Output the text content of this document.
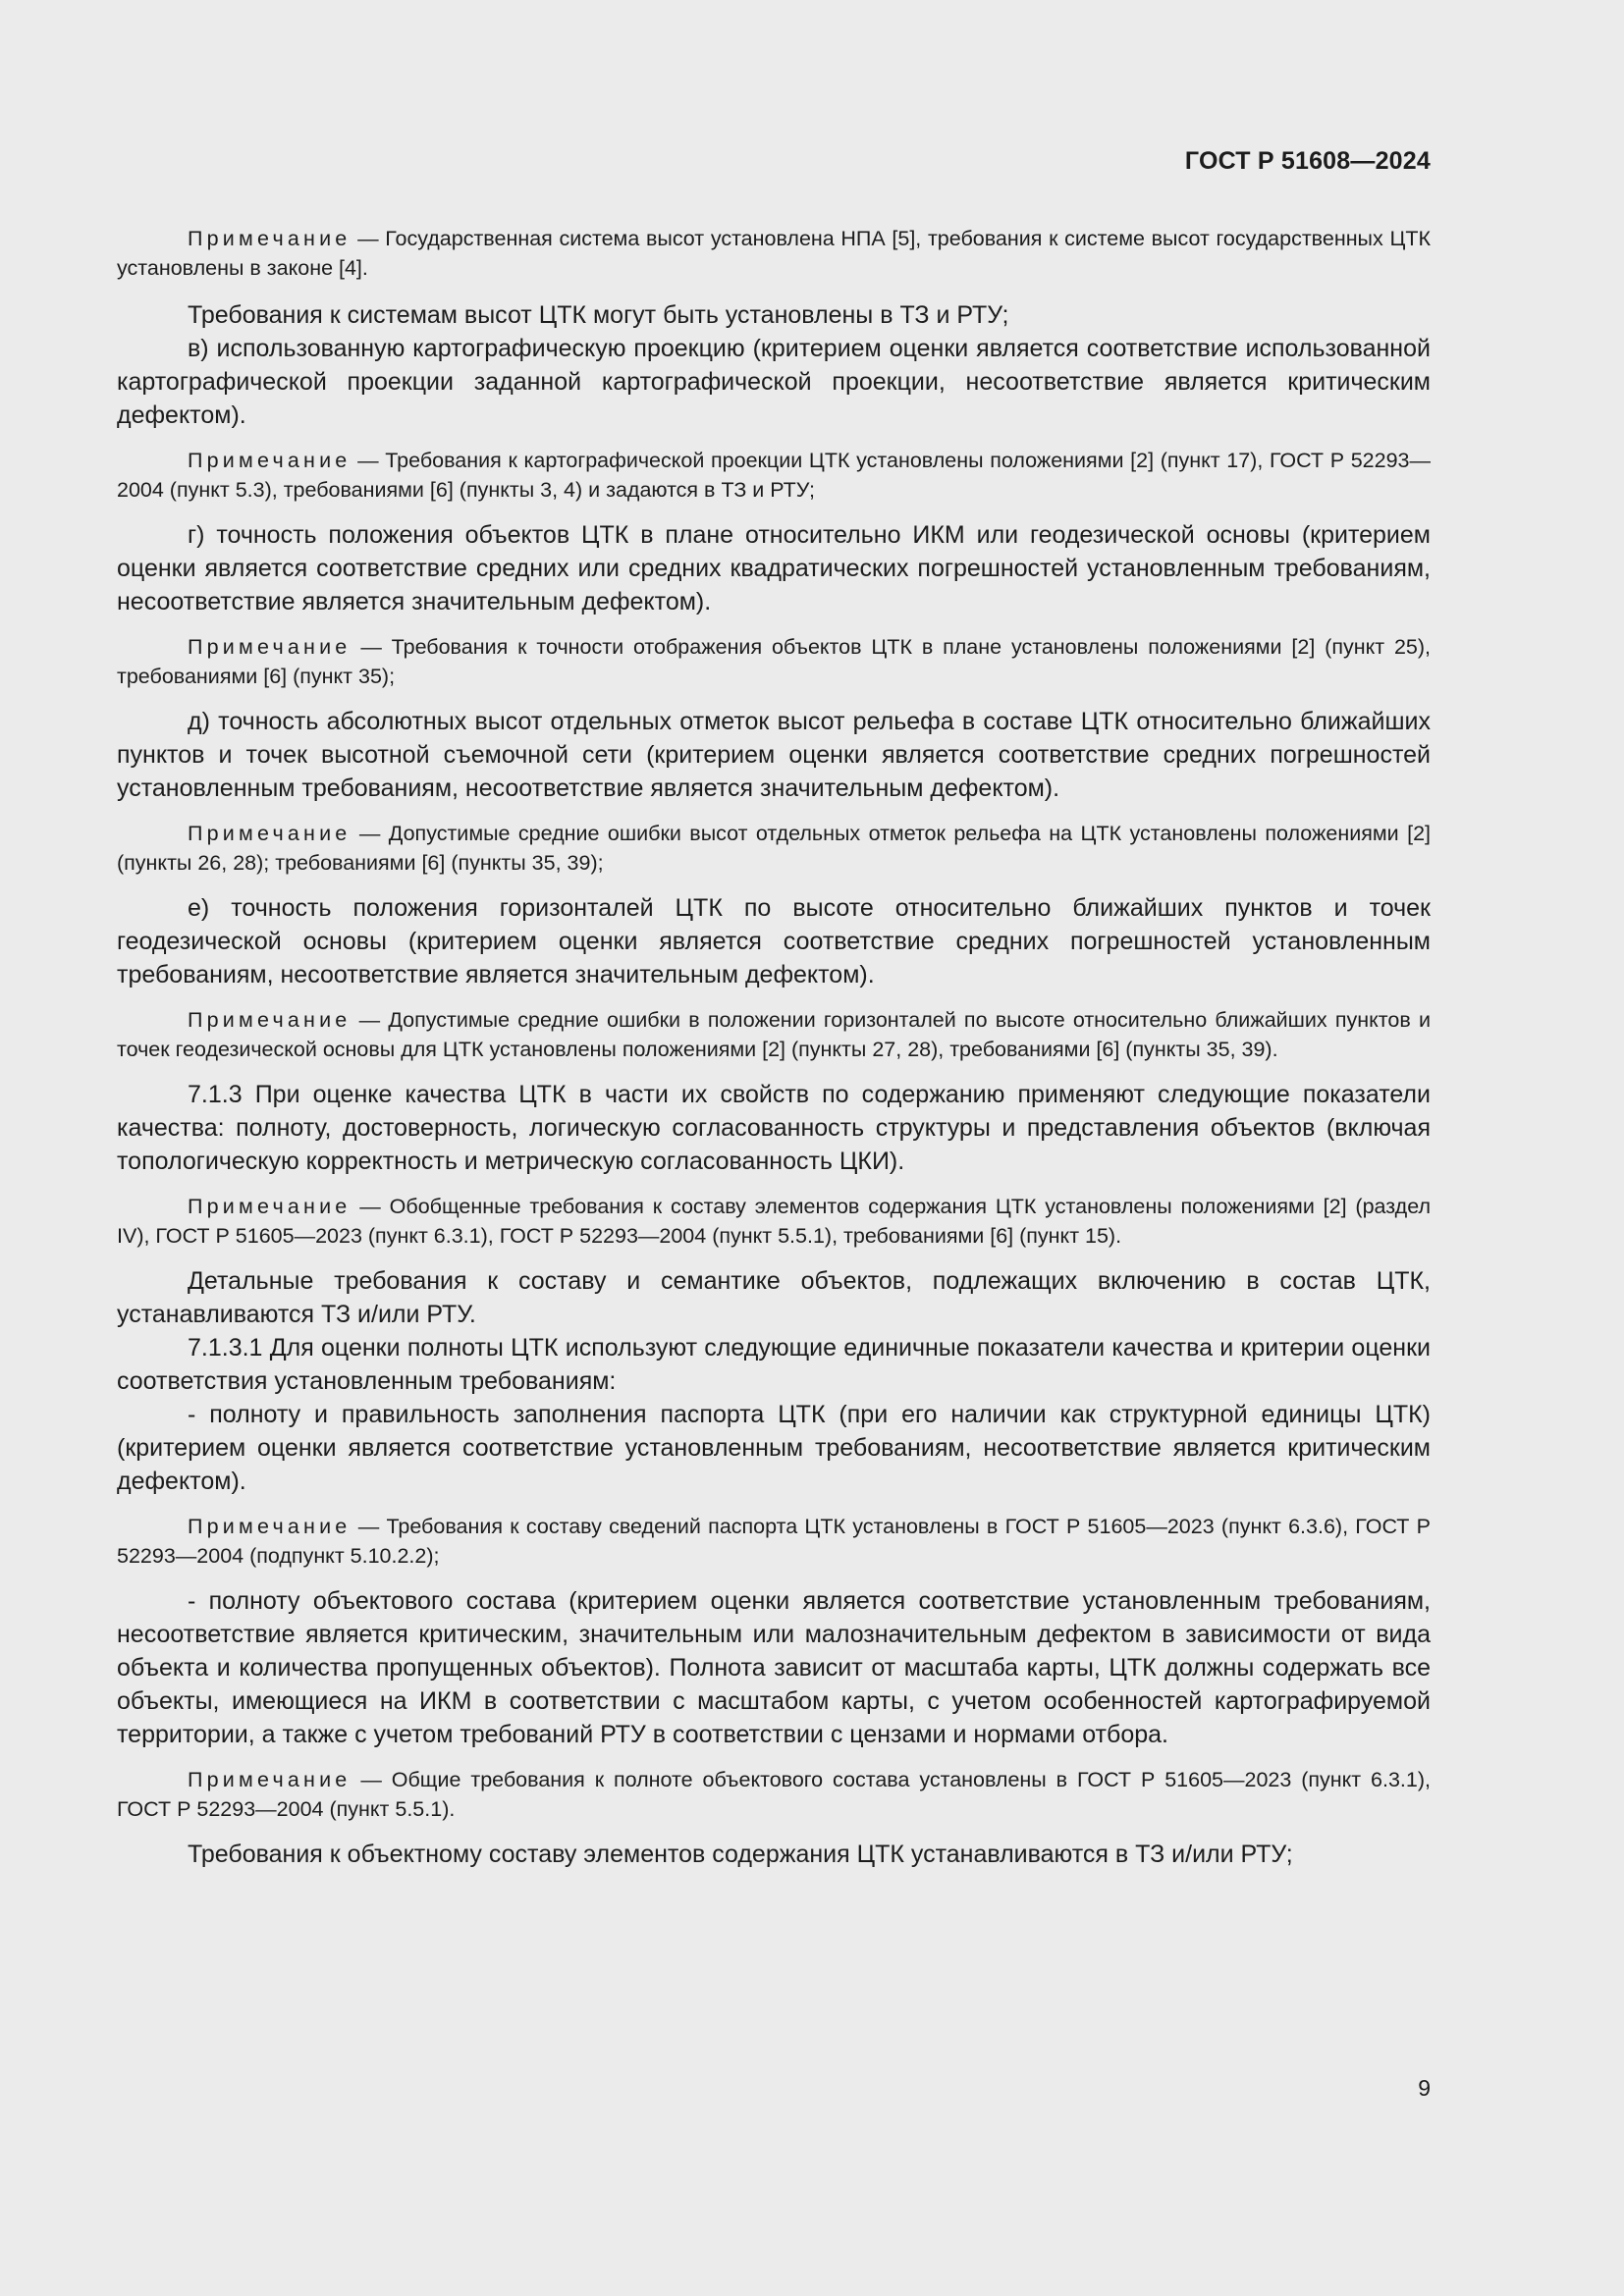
ГОСТ Р 51608—2024

Примечание — Государственная система высот установлена НПА [5], требования к системе высот государственных ЦТК установлены в законе [4].

Требования к системам высот ЦТК могут быть установлены в ТЗ и РТУ;

в) использованную картографическую проекцию (критерием оценки является соответствие использованной картографической проекции заданной картографической проекции, несоответствие является критическим дефектом).

Примечание — Требования к картографической проекции ЦТК установлены положениями [2] (пункт 17), ГОСТ Р 52293—2004 (пункт 5.3), требованиями [6] (пункты 3, 4) и задаются в ТЗ и РТУ;

г) точность положения объектов ЦТК в плане относительно ИКМ или геодезической основы (критерием оценки является соответствие средних или средних квадратических погрешностей установленным требованиям, несоответствие является значительным дефектом).

Примечание — Требования к точности отображения объектов ЦТК в плане установлены положениями [2] (пункт 25), требованиями [6] (пункт 35);

д) точность абсолютных высот отдельных отметок высот рельефа в составе ЦТК относительно ближайших пунктов и точек высотной съемочной сети (критерием оценки является соответствие средних погрешностей установленным требованиям, несоответствие является значительным дефектом).

Примечание — Допустимые средние ошибки высот отдельных отметок рельефа на ЦТК установлены положениями [2] (пункты 26, 28); требованиями [6] (пункты 35, 39);

е) точность положения горизонталей ЦТК по высоте относительно ближайших пунктов и точек геодезической основы (критерием оценки является соответствие средних погрешностей установленным требованиям, несоответствие является значительным дефектом).

Примечание — Допустимые средние ошибки в положении горизонталей по высоте относительно ближайших пунктов и точек геодезической основы для ЦТК установлены положениями [2] (пункты 27, 28), требованиями [6] (пункты 35, 39).

7.1.3 При оценке качества ЦТК в части их свойств по содержанию применяют следующие показатели качества: полноту, достоверность, логическую согласованность структуры и представления объектов (включая топологическую корректность и метрическую согласованность ЦКИ).

Примечание — Обобщенные требования к составу элементов содержания ЦТК установлены положениями [2] (раздел IV), ГОСТ Р 51605—2023 (пункт 6.3.1), ГОСТ Р 52293—2004 (пункт 5.5.1), требованиями [6] (пункт 15).

Детальные требования к составу и семантике объектов, подлежащих включению в состав ЦТК, устанавливаются ТЗ и/или РТУ.

7.1.3.1 Для оценки полноты ЦТК используют следующие единичные показатели качества и критерии оценки соответствия установленным требованиям:

- полноту и правильность заполнения паспорта ЦТК (при его наличии как структурной единицы ЦТК) (критерием оценки является соответствие установленным требованиям, несоответствие является критическим дефектом).

Примечание — Требования к составу сведений паспорта ЦТК установлены в ГОСТ Р 51605—2023 (пункт 6.3.6), ГОСТ Р 52293—2004 (подпункт 5.10.2.2);

- полноту объектового состава (критерием оценки является соответствие установленным требованиям, несоответствие является критическим, значительным или малозначительным дефектом в зависимости от вида объекта и количества пропущенных объектов). Полнота зависит от масштаба карты, ЦТК должны содержать все объекты, имеющиеся на ИКМ в соответствии с масштабом карты, с учетом особенностей картографируемой территории, а также с учетом требований РТУ в соответствии с цензами и нормами отбора.

Примечание — Общие требования к полноте объектового состава установлены в ГОСТ Р 51605—2023 (пункт 6.3.1), ГОСТ Р 52293—2004 (пункт 5.5.1).

Требования к объектному составу элементов содержания ЦТК устанавливаются в ТЗ и/или РТУ;

9
